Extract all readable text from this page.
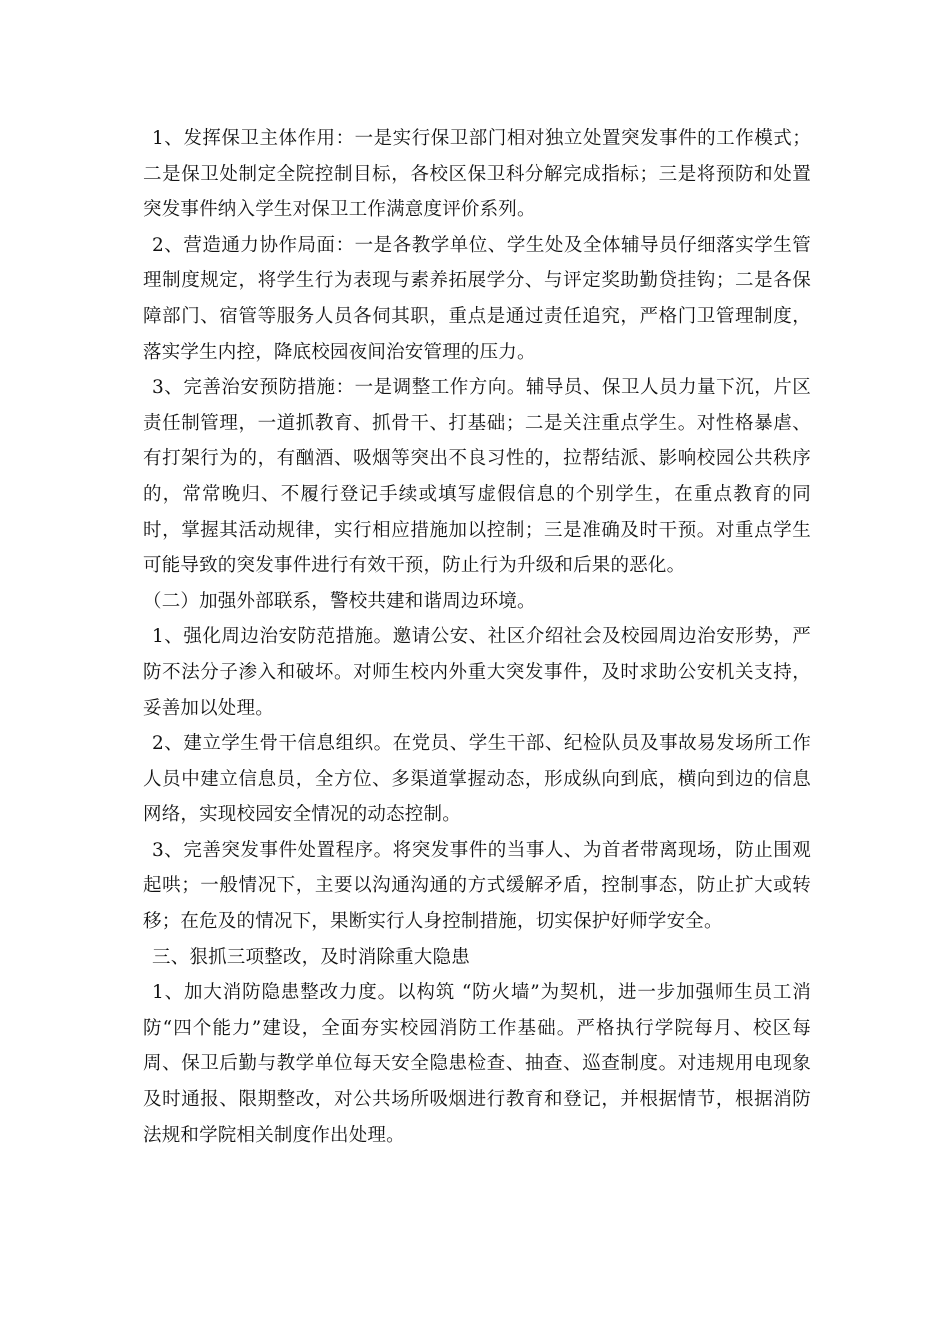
1、发挥保卫主体作用：一是实行保卫部门相对独立处置突发事件的工作模式；二是保卫处制定全院控制目标，各校区保卫科分解完成指标；三是将预防和处置突发事件纳入学生对保卫工作满意度评价系列。

2、营造通力协作局面：一是各教学单位、学生处及全体辅导员仔细落实学生管理制度规定，将学生行为表现与素养拓展学分、与评定奖助勤贷挂钩；二是各保障部门、宿管等服务人员各伺其职，重点是通过责任追究，严格门卫管理制度，落实学生内控，降底校园夜间治安管理的压力。

3、完善治安预防措施：一是调整工作方向。辅导员、保卫人员力量下沉，片区责任制管理，一道抓教育、抓骨干、打基础；二是关注重点学生。对性格暴虐、有打架行为的，有酗酒、吸烟等突出不良习性的，拉帮结派、影响校园公共秩序的，常常晚归、不履行登记手续或填写虚假信息的个别学生，在重点教育的同时，掌握其活动规律，实行相应措施加以控制；三是准确及时干预。对重点学生可能导致的突发事件进行有效干预，防止行为升级和后果的恶化。

（二）加强外部联系，警校共建和谐周边环境。

1、强化周边治安防范措施。邀请公安、社区介绍社会及校园周边治安形势，严防不法分子渗入和破坏。对师生校内外重大突发事件，及时求助公安机关支持，妥善加以处理。

2、建立学生骨干信息组织。在党员、学生干部、纪检队员及事故易发场所工作人员中建立信息员，全方位、多渠道掌握动态，形成纵向到底，横向到边的信息网络，实现校园安全情况的动态控制。

3、完善突发事件处置程序。将突发事件的当事人、为首者带离现场，防止围观起哄；一般情况下，主要以沟通沟通的方式缓解矛盾，控制事态，防止扩大或转移；在危及的情况下，果断实行人身控制措施，切实保护好师学安全。

三、狠抓三项整改，及时消除重大隐患

1、加大消防隐患整改力度。以构筑 “防火墙”为契机，进一步加强师生员工消防“四个能力”建设，全面夯实校园消防工作基础。严格执行学院每月、校区每周、保卫后勤与教学单位每天安全隐患检查、抽查、巡查制度。对违规用电现象及时通报、限期整改，对公共场所吸烟进行教育和登记，并根据情节，根据消防法规和学院相关制度作出处理。
